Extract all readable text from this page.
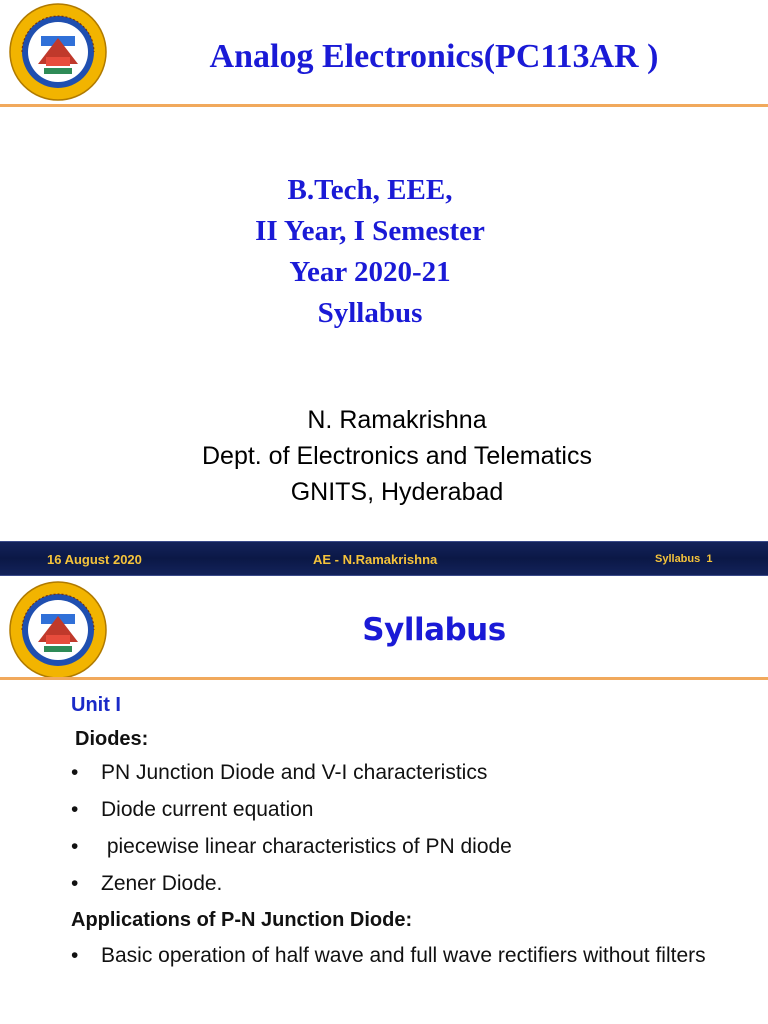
Analog Electronics(PC113AR )
B.Tech, EEE,
II Year, I Semester
Year 2020-21
Syllabus
N. Ramakrishna
Dept. of Electronics and Telematics
GNITS, Hyderabad
16 August 2020	AE - N.Ramakrishna	Syllabus  1
Syllabus
Unit I
Diodes:
• PN Junction Diode and V-I characteristics
• Diode current equation
•  piecewise linear characteristics of PN diode
• Zener Diode.
Applications of P-N Junction Diode:
• Basic operation of half wave and full wave rectifiers without filters
